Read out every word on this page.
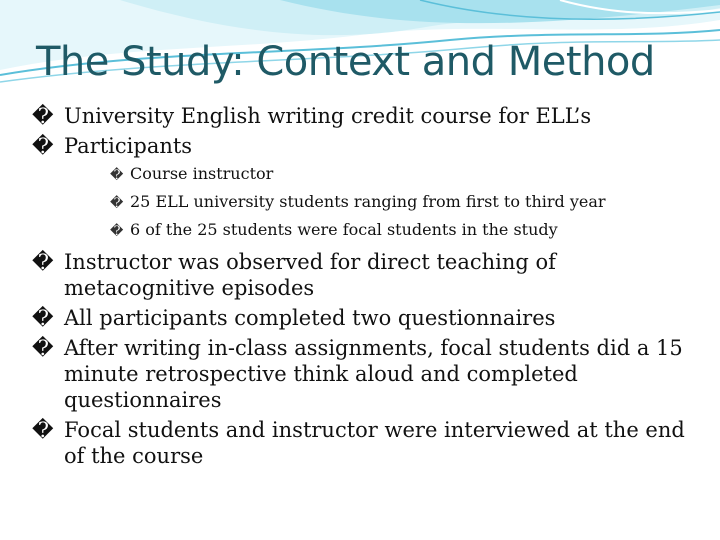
The Study: Context and Method
� University English writing credit course for ELL’s
� Participants
� Course instructor
� 25 ELL university students ranging from first to third year
� 6 of the 25 students were focal students in the study
� Instructor was observed for direct teaching of metacognitive episodes
� All participants completed two questionnaires
� After writing in-class assignments, focal students did a 15 minute retrospective think aloud and completed questionnaires
� Focal students and instructor were interviewed at the end of the course
